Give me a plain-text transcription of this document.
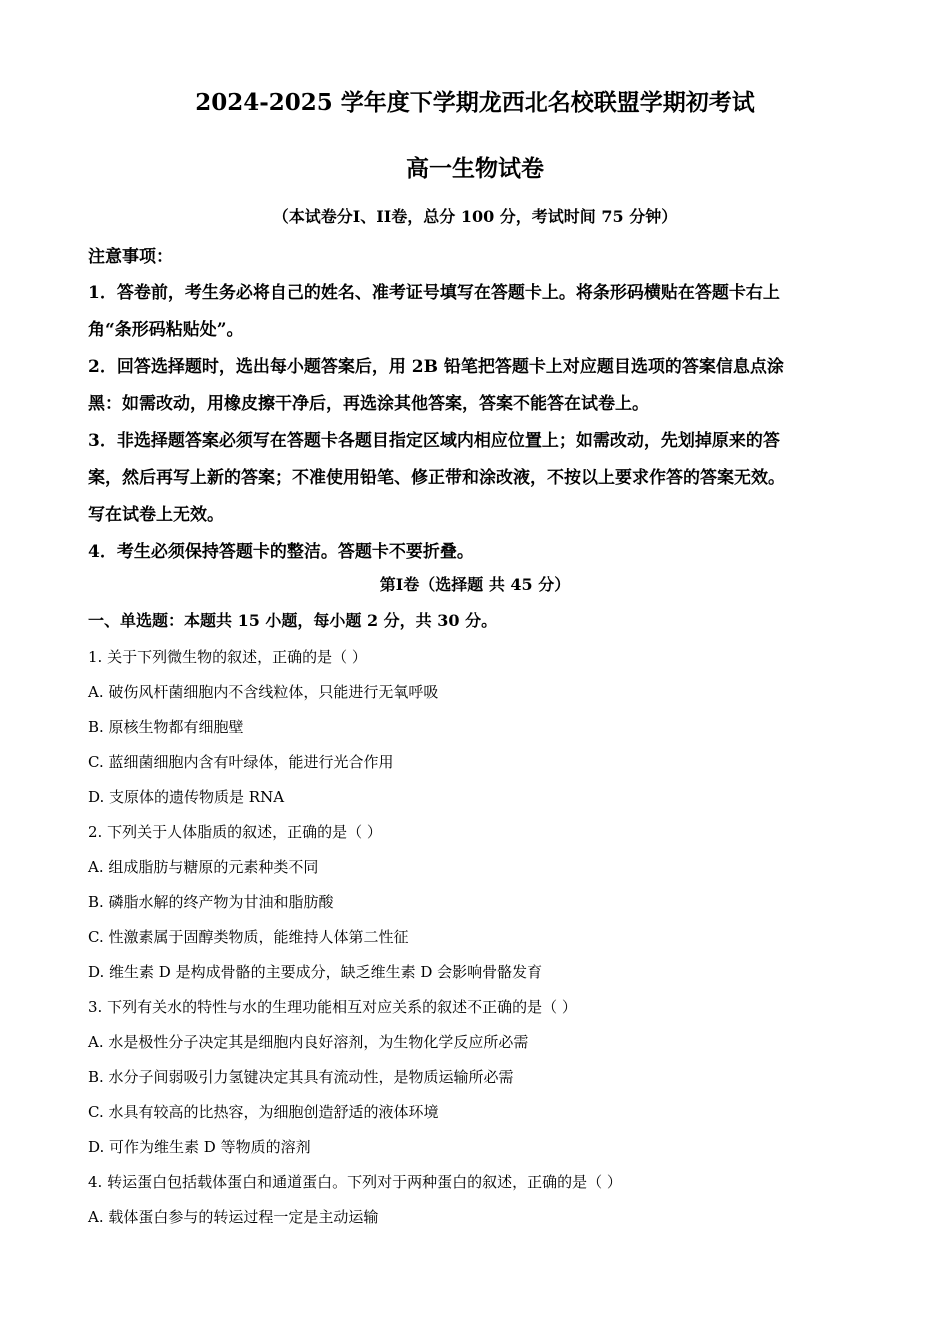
2024-2025 学年度下学期龙西北名校联盟学期初考试
高一生物试卷
（本试卷分I、II卷，总分 100 分，考试时间 75 分钟）
注意事项：
1．答卷前，考生务必将自己的姓名、准考证号填写在答题卡上。将条形码横贴在答题卡右上
角“条形码粘贴处”。
2．回答选择题时，选出每小题答案后，用 2B 铅笔把答题卡上对应题目选项的答案信息点涂
黑：如需改动，用橡皮擦干净后，再选涂其他答案，答案不能答在试卷上。
3．非选择题答案必须写在答题卡各题目指定区域内相应位置上；如需改动，先划掉原来的答
案，然后再写上新的答案；不准使用铅笔、修正带和涂改液，不按以上要求作答的答案无效。
写在试卷上无效。
4．考生必须保持答题卡的整洁。答题卡不要折叠。
第I卷（选择题 共 45 分）
一、单选题：本题共 15 小题，每小题 2 分，共 30 分。
1. 关于下列微生物的叙述，正确的是（ ）
A. 破伤风杆菌细胞内不含线粒体，只能进行无氧呼吸
B. 原核生物都有细胞壁
C. 蓝细菌细胞内含有叶绿体，能进行光合作用
D. 支原体的遗传物质是 RNA
2. 下列关于人体脂质的叙述，正确的是（ ）
A. 组成脂肪与糖原的元素种类不同
B. 磷脂水解的终产物为甘油和脂肪酸
C. 性激素属于固醇类物质，能维持人体第二性征
D. 维生素 D 是构成骨骼的主要成分，缺乏维生素 D 会影响骨骼发育
3. 下列有关水的特性与水的生理功能相互对应关系的叙述不正确的是（ ）
A. 水是极性分子决定其是细胞内良好溶剂，为生物化学反应所必需
B. 水分子间弱吸引力氢键决定其具有流动性，是物质运输所必需
C. 水具有较高的比热容，为细胞创造舒适的液体环境
D. 可作为维生素 D 等物质的溶剂
4. 转运蛋白包括载体蛋白和通道蛋白。下列对于两种蛋白的叙述，正确的是（ ）
A. 载体蛋白参与的转运过程一定是主动运输
